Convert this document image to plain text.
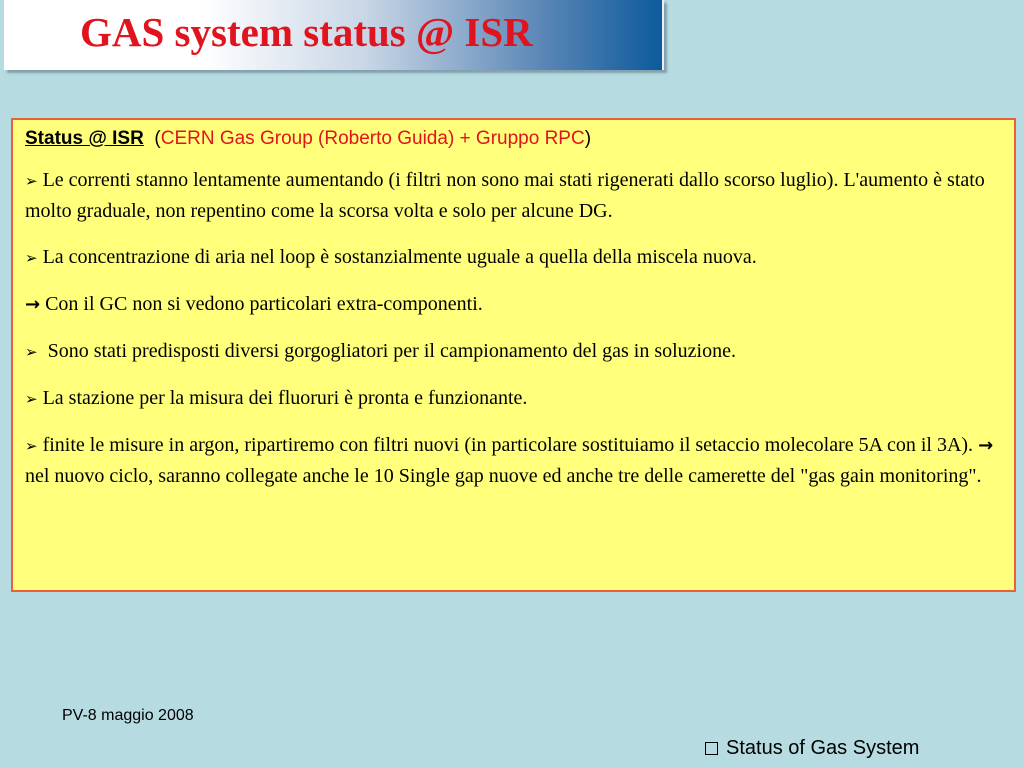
GAS system status @ ISR

Status @ ISR (CERN Gas Group (Roberto Guida) + Gruppo RPC)

➢ Le correnti stanno lentamente aumentando (i filtri non sono mai stati rigenerati dallo scorso luglio). L'aumento è stato molto graduale, non repentino come la scorsa volta e solo per alcune DG.

➢ La concentrazione di aria nel loop è sostanzialmente uguale a quella della miscela nuova.

→ Con il GC non si vedono particolari extra-componenti.

➢ Sono stati predisposti diversi gorgogliatori per il campionamento del gas in soluzione.

➢ La stazione per la misura dei fluoruri è pronta e funzionante.

➢ finite le misure in argon, ripartiremo con filtri nuovi (in particolare sostituiamo il setaccio molecolare 5A con il 3A). → nel nuovo ciclo, saranno collegate anche le 10 Single gap nuove ed anche tre delle camerette del "gas gain monitoring".

PV-8 maggio 2008
Status of Gas System
